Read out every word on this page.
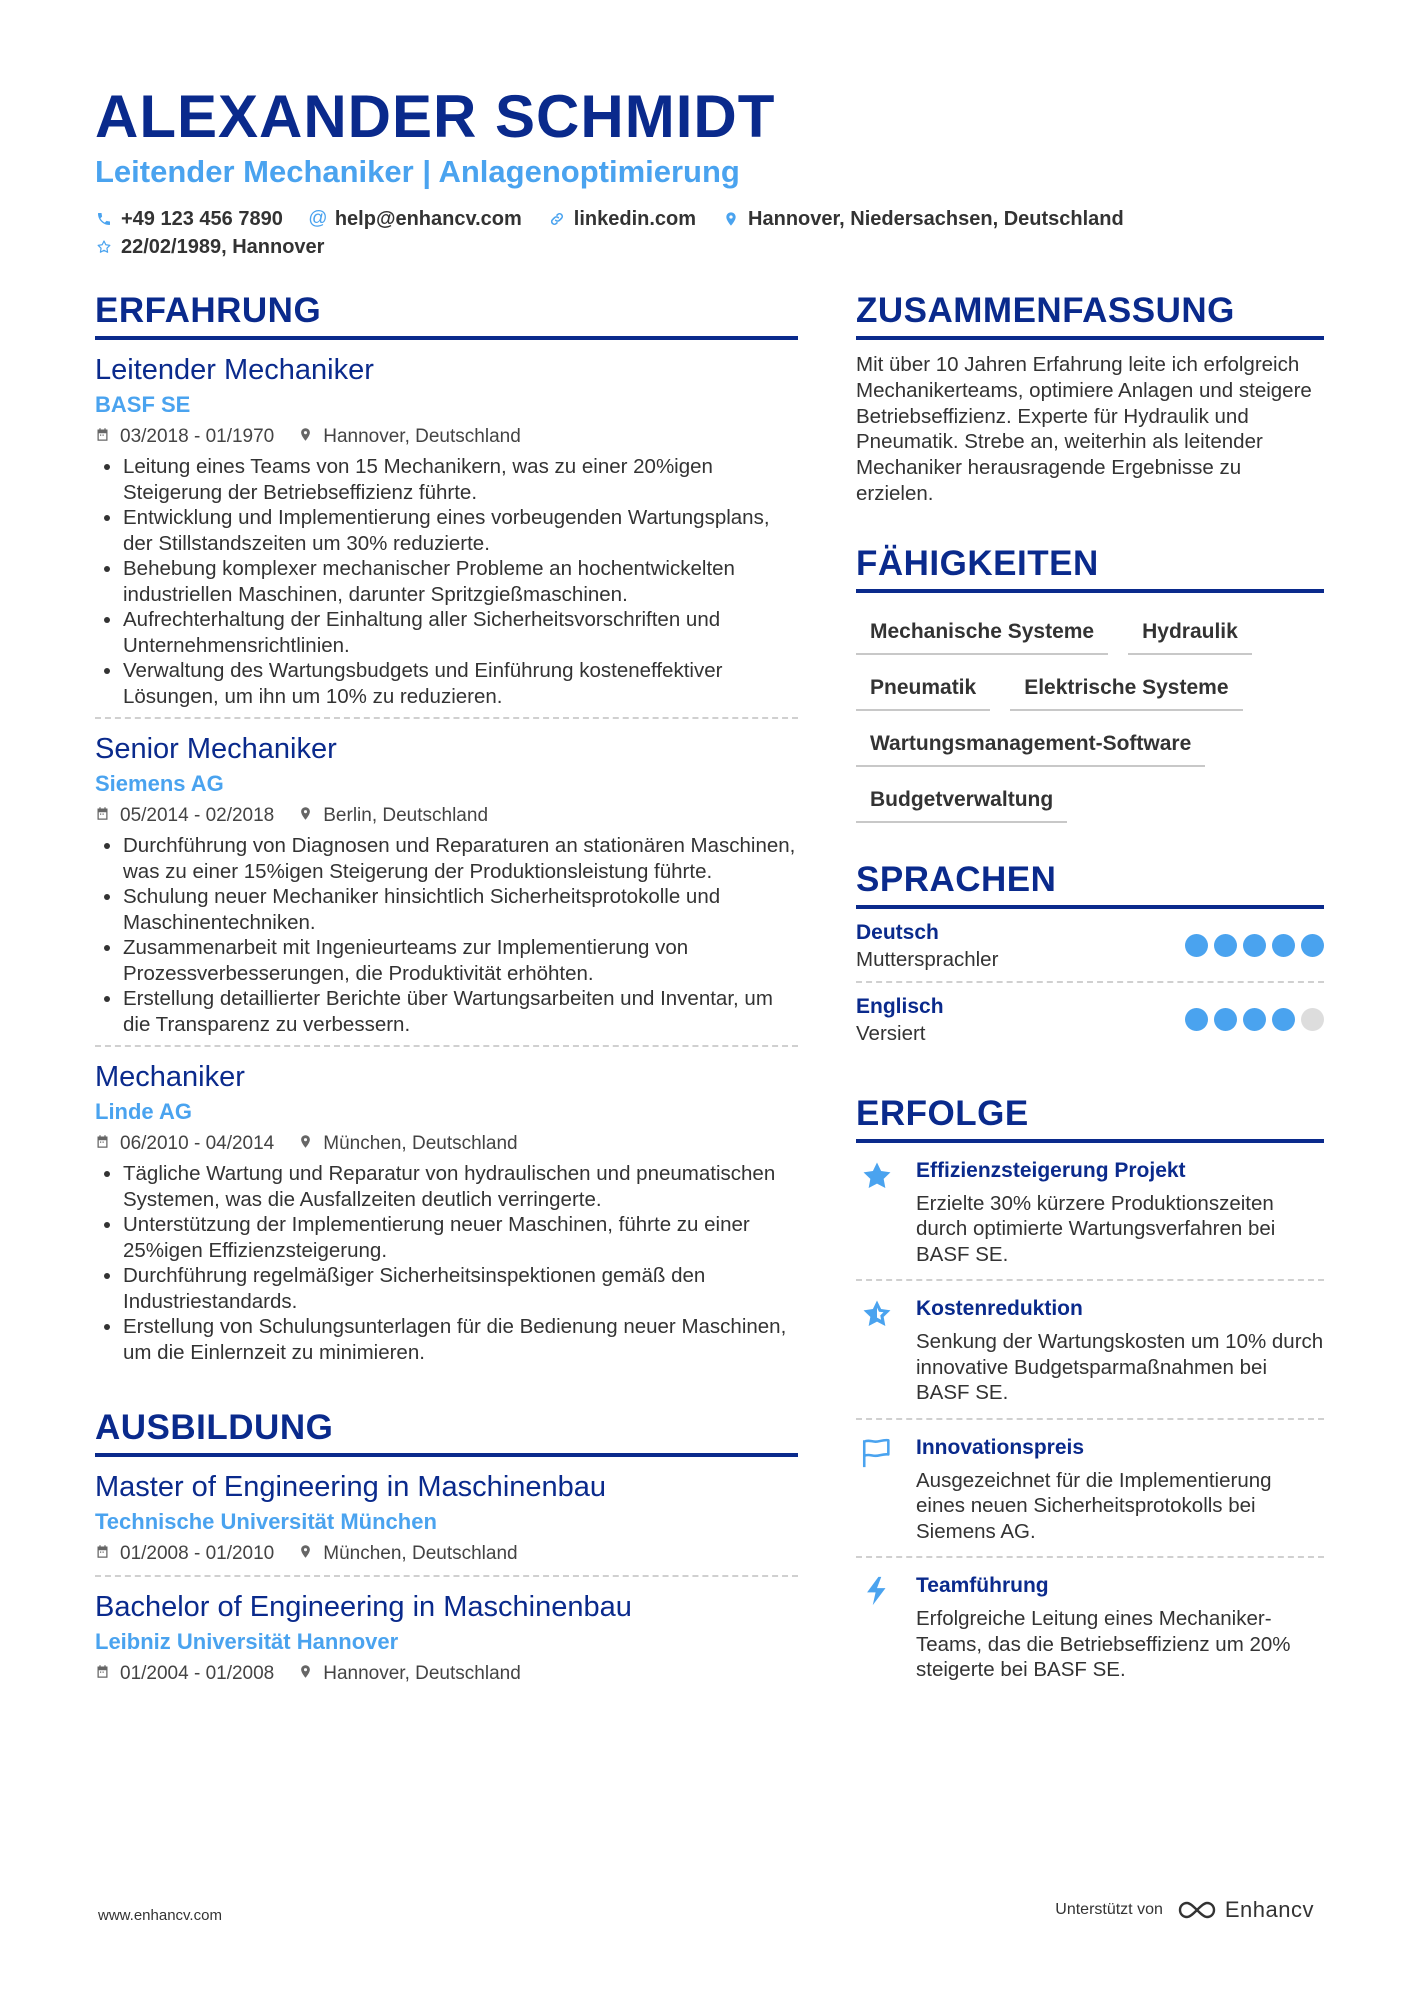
ALEXANDER SCHMIDT
Leitender Mechaniker | Anlagenoptimierung
+49 123 456 7890 @ help@enhancv.com	linkedin.com	Hannover, Niedersachsen, Deutschland
22/02/1989, Hannover
ERFAHRUNG
Leitender Mechaniker
BASF SE
03/2018 - 01/1970	Hannover, Deutschland
• Leitung eines Teams von 15 Mechanikern, was zu einer 20%igen Steigerung der Betriebseffizienz führte.
• Entwicklung und Implementierung eines vorbeugenden Wartungsplans, der Stillstandszeiten um 30% reduzierte.
• Behebung komplexer mechanischer Probleme an hochentwickelten industriellen Maschinen, darunter Spritzgießmaschinen.
• Aufrechterhaltung der Einhaltung aller Sicherheitsvorschriften und Unternehmensrichtlinien.
• Verwaltung des Wartungsbudgets und Einführung kosteneffektiver Lösungen, um ihn um 10% zu reduzieren.
Senior Mechaniker
Siemens AG
05/2014 - 02/2018	Berlin, Deutschland
• Durchführung von Diagnosen und Reparaturen an stationären Maschinen, was zu einer 15%igen Steigerung der Produktionsleistung führte.
• Schulung neuer Mechaniker hinsichtlich Sicherheitsprotokolle und Maschinentechniken.
• Zusammenarbeit mit Ingenieurteams zur Implementierung von Prozessverbesserungen, die Produktivität erhöhten.
• Erstellung detaillierter Berichte über Wartungsarbeiten und Inventar, um die Transparenz zu verbessern.
Mechaniker
Linde AG
06/2010 - 04/2014	München, Deutschland
• Tägliche Wartung und Reparatur von hydraulischen und pneumatischen Systemen, was die Ausfallzeiten deutlich verringerte.
• Unterstützung der Implementierung neuer Maschinen, führte zu einer 25%igen Effizienzsteigerung.
• Durchführung regelmäßiger Sicherheitsinspektionen gemäß den Industriestandards.
• Erstellung von Schulungsunterlagen für die Bedienung neuer Maschinen, um die Einlernzeit zu minimieren.
AUSBILDUNG
Master of Engineering in Maschinenbau
Technische Universität München
01/2008 - 01/2010	München, Deutschland
Bachelor of Engineering in Maschinenbau
Leibniz Universität Hannover
01/2004 - 01/2008	Hannover, Deutschland
ZUSAMMENFASSUNG

Mit über 10 Jahren Erfahrung leite ich erfolgreich Mechanikerteams, optimiere Anlagen und steigere Betriebseffizienz. Experte für Hydraulik und Pneumatik. Strebe an, weiterhin als leitender Mechaniker herausragende Ergebnisse zu erzielen.

FÄHIGKEITEN
Mechanische Systeme	Hydraulik
Pneumatik	Elektrische Systeme
Wartungsmanagement-Software
Budgetverwaltung
SPRACHEN
Deutsch
Muttersprachler
Englisch
Versiert
ERFOLGE
Effizienzsteigerung Projekt
Erzielte 30% kürzere Produktionszeiten durch optimierte Wartungsverfahren bei BASF SE.
Kostenreduktion
Senkung der Wartungskosten um 10% durch innovative Budgetsparmaßnahmen bei BASF SE.
Innovationspreis
Ausgezeichnet für die Implementierung eines neuen Sicherheitsprotokolls bei Siemens AG.
Teamführung
Erfolgreiche Leitung eines Mechaniker-Teams, das die Betriebseffizienz um 20% steigerte bei BASF SE.
www.enhancv.com	Unterstützt von	Enhancv
